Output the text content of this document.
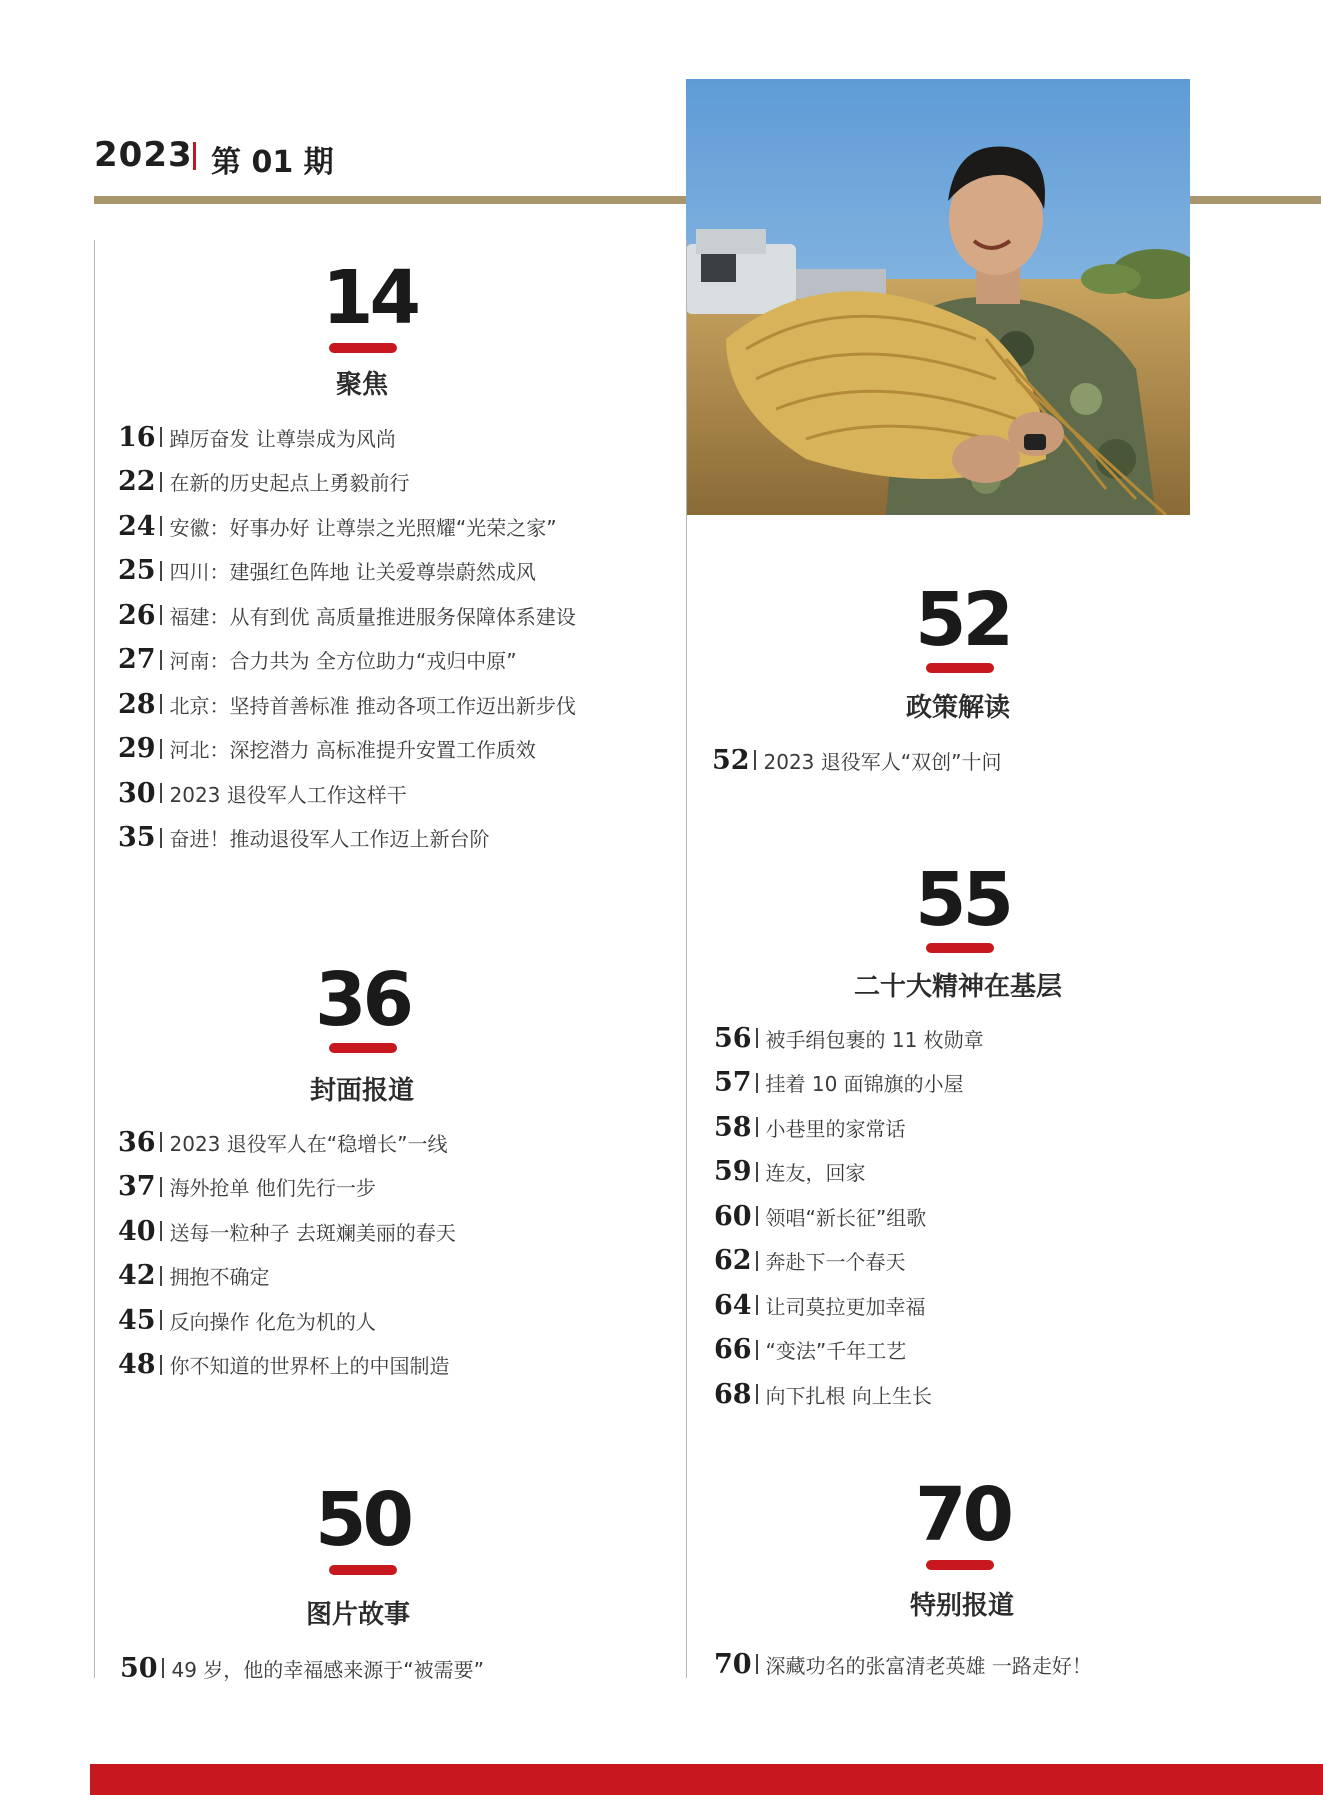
2023 第 01 期
14
聚焦
16 踔厉奋发 让尊崇成为风尚
22 在新的历史起点上勇毅前行
24 安徽：好事办好 让尊崇之光照耀“光荣之家”
25 四川：建强红色阵地 让关爱尊崇蔚然成风
26 福建：从有到优 高质量推进服务保障体系建设
27 河南：合力共为 全方位助力“戎归中原”
28 北京：坚持首善标准 推动各项工作迈出新步伐
29 河北：深挖潜力 高标准提升安置工作质效
30 2023 退役军人工作这样干
35 奋进！推动退役军人工作迈上新台阶
36
封面报道
36 2023 退役军人在“稳增长”一线
37 海外抢单 他们先行一步
40 送每一粒种子 去斑斓美丽的春天
42 拥抱不确定
45 反向操作 化危为机的人
48 你不知道的世界杯上的中国制造
50
图片故事
50 49 岁，他的幸福感来源于“被需要”
52
政策解读
52 2023 退役军人“双创”十问
55
二十大精神在基层
56 被手绢包裹的 11 枚勋章
57 挂着 10 面锦旗的小屋
58 小巷里的家常话
59 连友，回家
60 领唱“新长征”组歌
62 奔赴下一个春天
64 让司莫拉更加幸福
66 “变法”千年工艺
68 向下扎根 向上生长
70
特别报道
70 深藏功名的张富清老英雄 一路走好！
